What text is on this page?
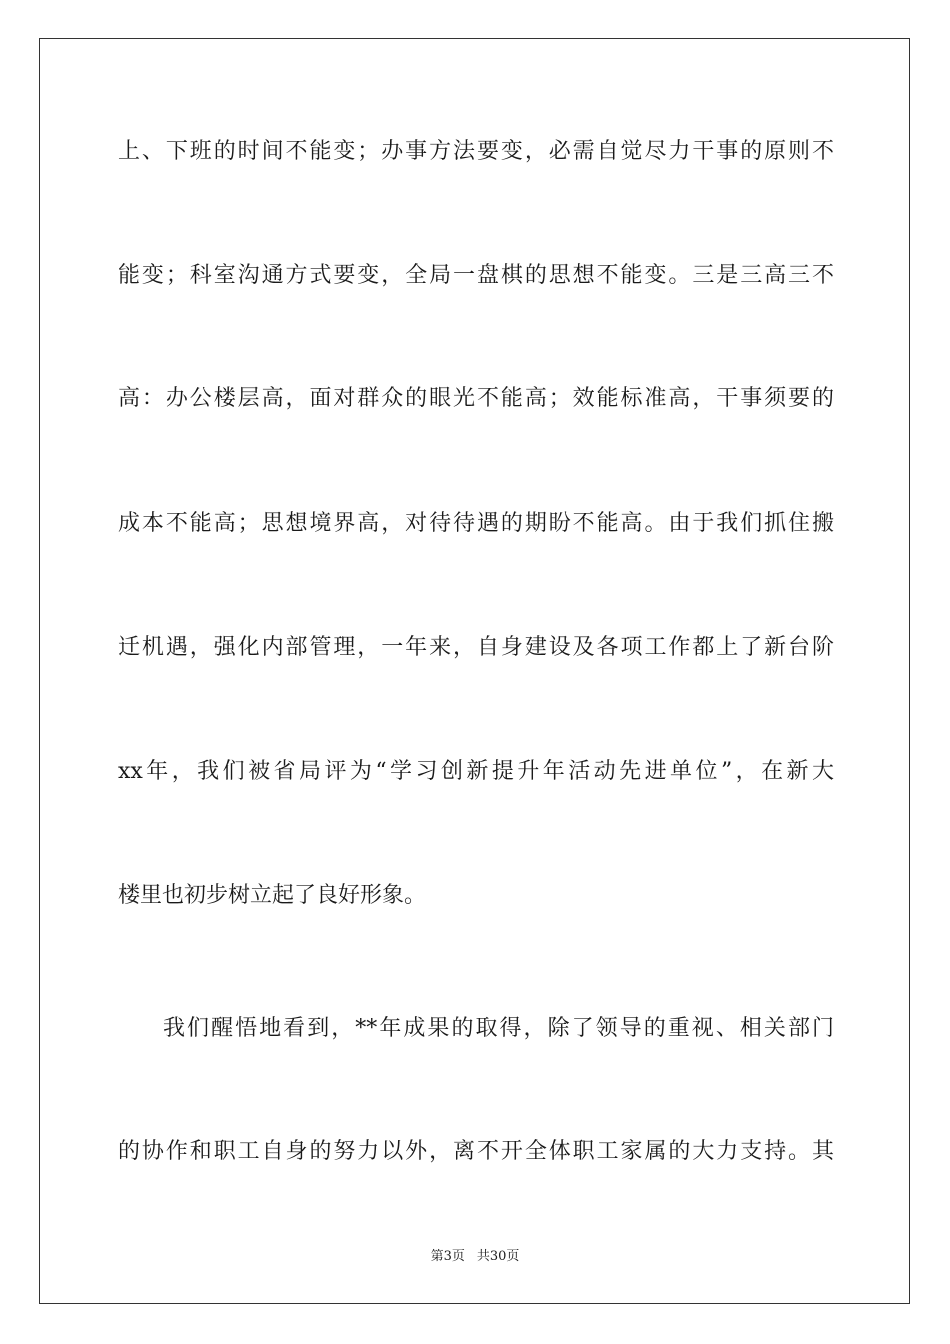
上、下班的时间不能变；办事方法要变，必需自觉尽力干事的原则不
能变；科室沟通方式要变，全局一盘棋的思想不能变。三是三高三不
高：办公楼层高，面对群众的眼光不能高；效能标准高，干事须要的
成本不能高；思想境界高，对待待遇的期盼不能高。由于我们抓住搬
迁机遇，强化内部管理，一年来，自身建设及各项工作都上了新台阶
xx年，我们被省局评为“学习创新提升年活动先进单位”，在新大
楼里也初步树立起了良好形象。
我们醒悟地看到，**年成果的取得，除了领导的重视、相关部门
的协作和职工自身的努力以外，离不开全体职工家属的大力支持。其
第3页 共30页
